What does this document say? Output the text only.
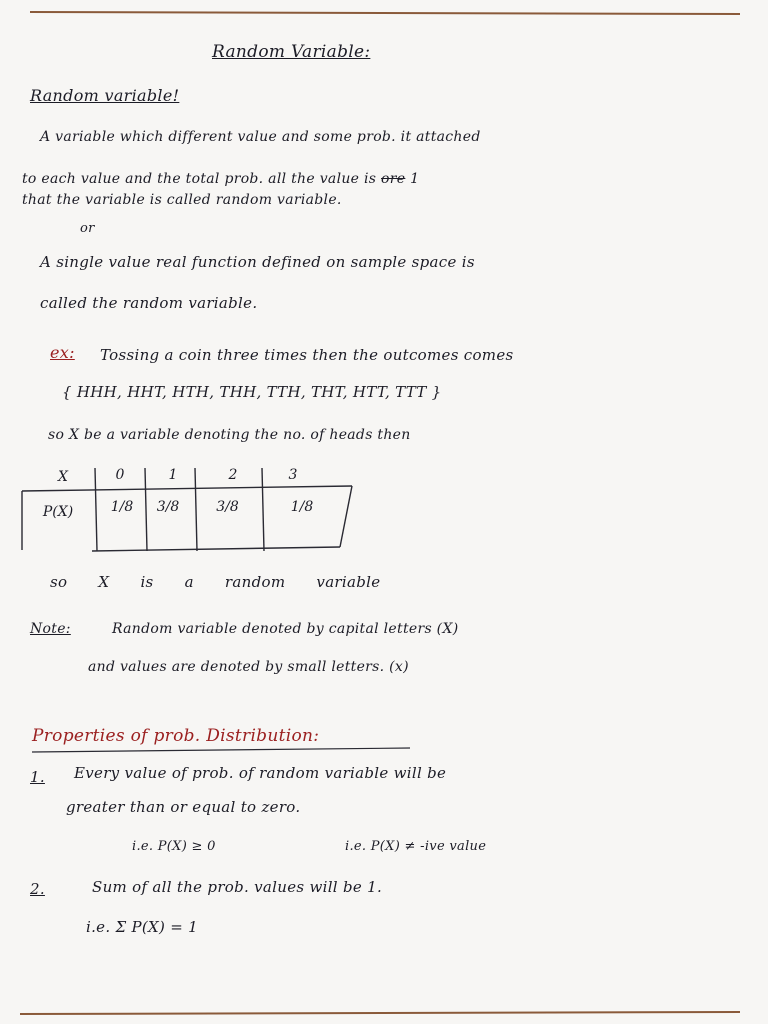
Random Variable:
Random variable!
A variable which different value and some prob. it attached
to each value and the total prob. all the value is ore 1
that the variable is called random variable.
or
A single value real function defined on sample space is
called the random variable.
ex: Tossing a coin three times then the outcomes comes
{ HHH, HHT, HTH, THH, TTH, THT, HTT, TTT }
so X be a variable denoting the no. of heads then
X	0	1	2	3
P(X)	1/8	3/8	3/8	1/8
so X is a random variable
Note:	Random variable denoted by capital letters (X)
and values are denoted by small letters. (x)
Properties of prob. Distribution:
1. Every value of prob. of random variable will be
greater than or equal to zero.
i.e. P(X) ≥ 0	i.e. P(X) ≠ -ive value
2.	Sum of all the prob. values will be 1.
i.e. Σ P(X) = 1
